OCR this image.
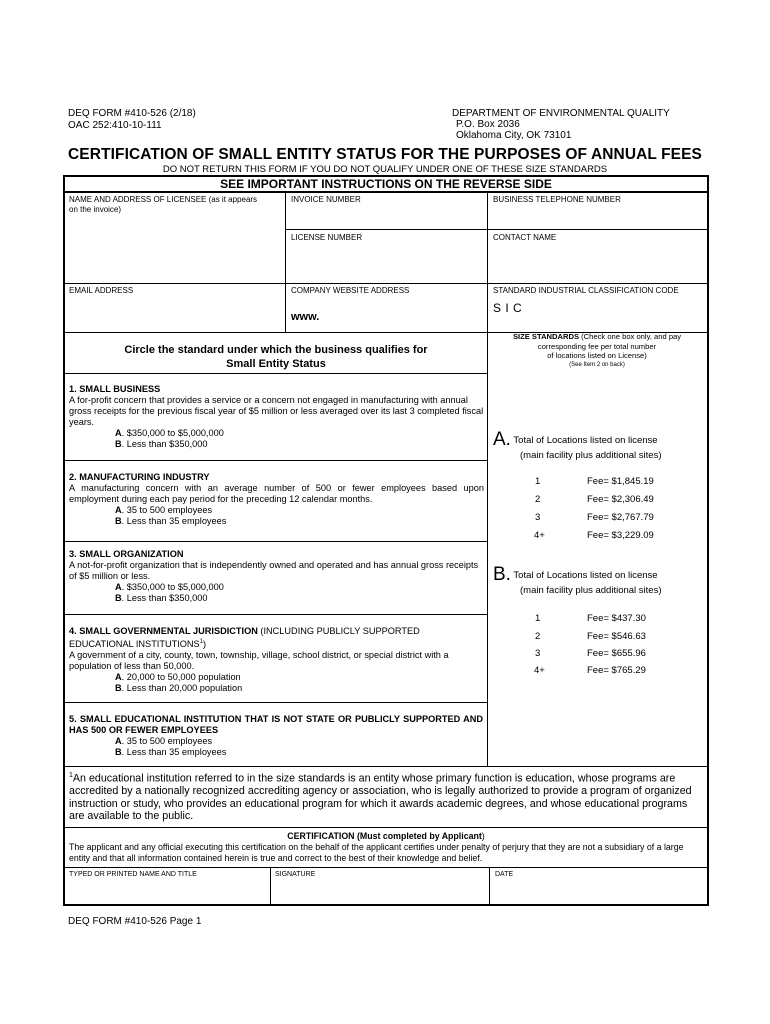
DEQ FORM #410-526 (2/18)
OAC 252:410-10-111
DEPARTMENT OF ENVIRONMENTAL QUALITY
P.O. Box 2036
Oklahoma City, OK 73101
CERTIFICATION OF SMALL ENTITY STATUS FOR THE PURPOSES OF ANNUAL FEES
DO NOT RETURN THIS FORM IF YOU DO NOT QUALIFY UNDER ONE OF THESE SIZE STANDARDS
SEE IMPORTANT INSTRUCTIONS ON THE REVERSE SIDE
NAME AND ADDRESS OF LICENSEE (as it appears
on the invoice)
INVOICE NUMBER	BUSINESS TELEPHONE NUMBER
LICENSE NUMBER	CONTACT NAME
EMAIL ADDRESS	COMPANY WEBSITE ADDRESS
www.
STANDARD INDUSTRIAL CLASSIFICATION CODE
S I C
Circle the standard under which the business qualifies for
Small Entity Status
SIZE STANDARDS (Check one box only, and pay
corresponding fee per total number
of locations listed on License)
(See Item 2 on back)
1. SMALL BUSINESS
A for-profit concern that provides a service or a concern not engaged in manufacturing with annual gross receipts for the previous fiscal year of $5 million or less averaged over its last 3 completed fiscal years.
A. $350,000 to $5,000,000
B. Less than $350,000
2. MANUFACTURING INDUSTRY
A manufacturing concern with an average number of 500 or fewer employees based upon employment during each pay period for the preceding 12 calendar months.
A. 35 to 500 employees
B. Less than 35 employees
3. SMALL ORGANIZATION
A not-for-profit organization that is independently owned and operated and has annual gross receipts of $5 million or less.
A. $350,000 to $5,000,000
B. Less than $350,000
4. SMALL GOVERNMENTAL JURISDICTION (INCLUDING PUBLICLY SUPPORTED EDUCATIONAL INSTITUTIONS$^1$)
A government of a city, county, town, township, village, school district, or special district with a population of less than 50,000.
A. 20,000 to 50,000 population
B. Less than 20,000 population
5. SMALL EDUCATIONAL INSTITUTION THAT IS NOT STATE OR PUBLICLY SUPPORTED AND HAS 500 OR FEWER EMPLOYEES
A. 35 to 500 employees
B. Less than 35 employees
A. Total of Locations listed on license
(main facility plus additional sites)
1	Fee= $1,845.19
2	Fee= $2,306.49
3	Fee= $2,767.79
4+	Fee= $3,229.09
B. Total of Locations listed on license
(main facility plus additional sites)
1	Fee= $437.30
2	Fee= $546.63
3	Fee= $655.96
4+	Fee= $765.29
$^1$An educational institution referred to in the size standards is an entity whose primary function is education, whose programs are accredited by a nationally recognized accrediting agency or association, who is legally authorized to provide a program of organized instruction or study, who provides an educational program for which it awards academic degrees, and whose educational programs are available to the public.
CERTIFICATION (Must completed by Applicant)
The applicant and any official executing this certification on the behalf of the applicant certifies under penalty of perjury that they are not a subsidiary of a large entity and that all information contained herein is true and correct to the best of their knowledge and belief.
TYPED OR PRINTED NAME AND TITLE	SIGNATURE	DATE
DEQ FORM #410-526 Page 1
